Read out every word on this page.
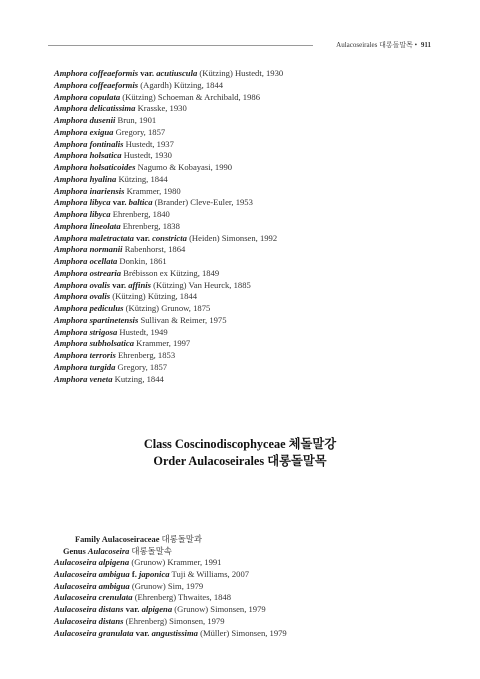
Aulacoseirales 대롱돌말목 • 911
Amphora coffeaeformis var. acutiuscula (Kützing) Hustedt, 1930
Amphora coffeaeformis (Agardh) Kützing, 1844
Amphora copulata (Kützing) Schoeman & Archibald, 1986
Amphora delicatissima Krasske, 1930
Amphora dusenii Brun, 1901
Amphora exigua Gregory, 1857
Amphora fontinalis Hustedt, 1937
Amphora holsatica Hustedt, 1930
Amphora holsaticoides Nagumo & Kobayasi, 1990
Amphora hyalina Kützing, 1844
Amphora inariensis Krammer, 1980
Amphora libyca var. baltica (Brander) Cleve-Euler, 1953
Amphora libyca Ehrenberg, 1840
Amphora lineolata Ehrenberg, 1838
Amphora maletractata var. constricta (Heiden) Simonsen, 1992
Amphora normanii Rabenhorst, 1864
Amphora ocellata Donkin, 1861
Amphora ostrearia Brébisson ex Kützing, 1849
Amphora ovalis var. affinis (Kützing) Van Heurck, 1885
Amphora ovalis (Kützing) Kützing, 1844
Amphora pediculus (Kützing) Grunow, 1875
Amphora spartinetensis Sullivan & Reimer, 1975
Amphora strigosa Hustedt, 1949
Amphora subholsatica Krammer, 1997
Amphora terroris Ehrenberg, 1853
Amphora turgida Gregory, 1857
Amphora veneta Kutzing, 1844
Class Coscinodiscophyceae 체돌말강
Order Aulacoseirales 대롱돌말목
Family Aulacoseiraceae 대롱돌말과
Genus Aulacoseira 대롱돌말속
Aulacoseira alpigena (Grunow) Krammer, 1991
Aulacoseira ambigua f. japonica Tuji & Williams, 2007
Aulacoseira ambigua (Grunow) Sim, 1979
Aulacoseira crenulata (Ehrenberg) Thwaites, 1848
Aulacoseira distans var. alpigena (Grunow) Simonsen, 1979
Aulacoseira distans (Ehrenberg) Simonsen, 1979
Aulacoseira granulata var. angustissima (Müller) Simonsen, 1979
